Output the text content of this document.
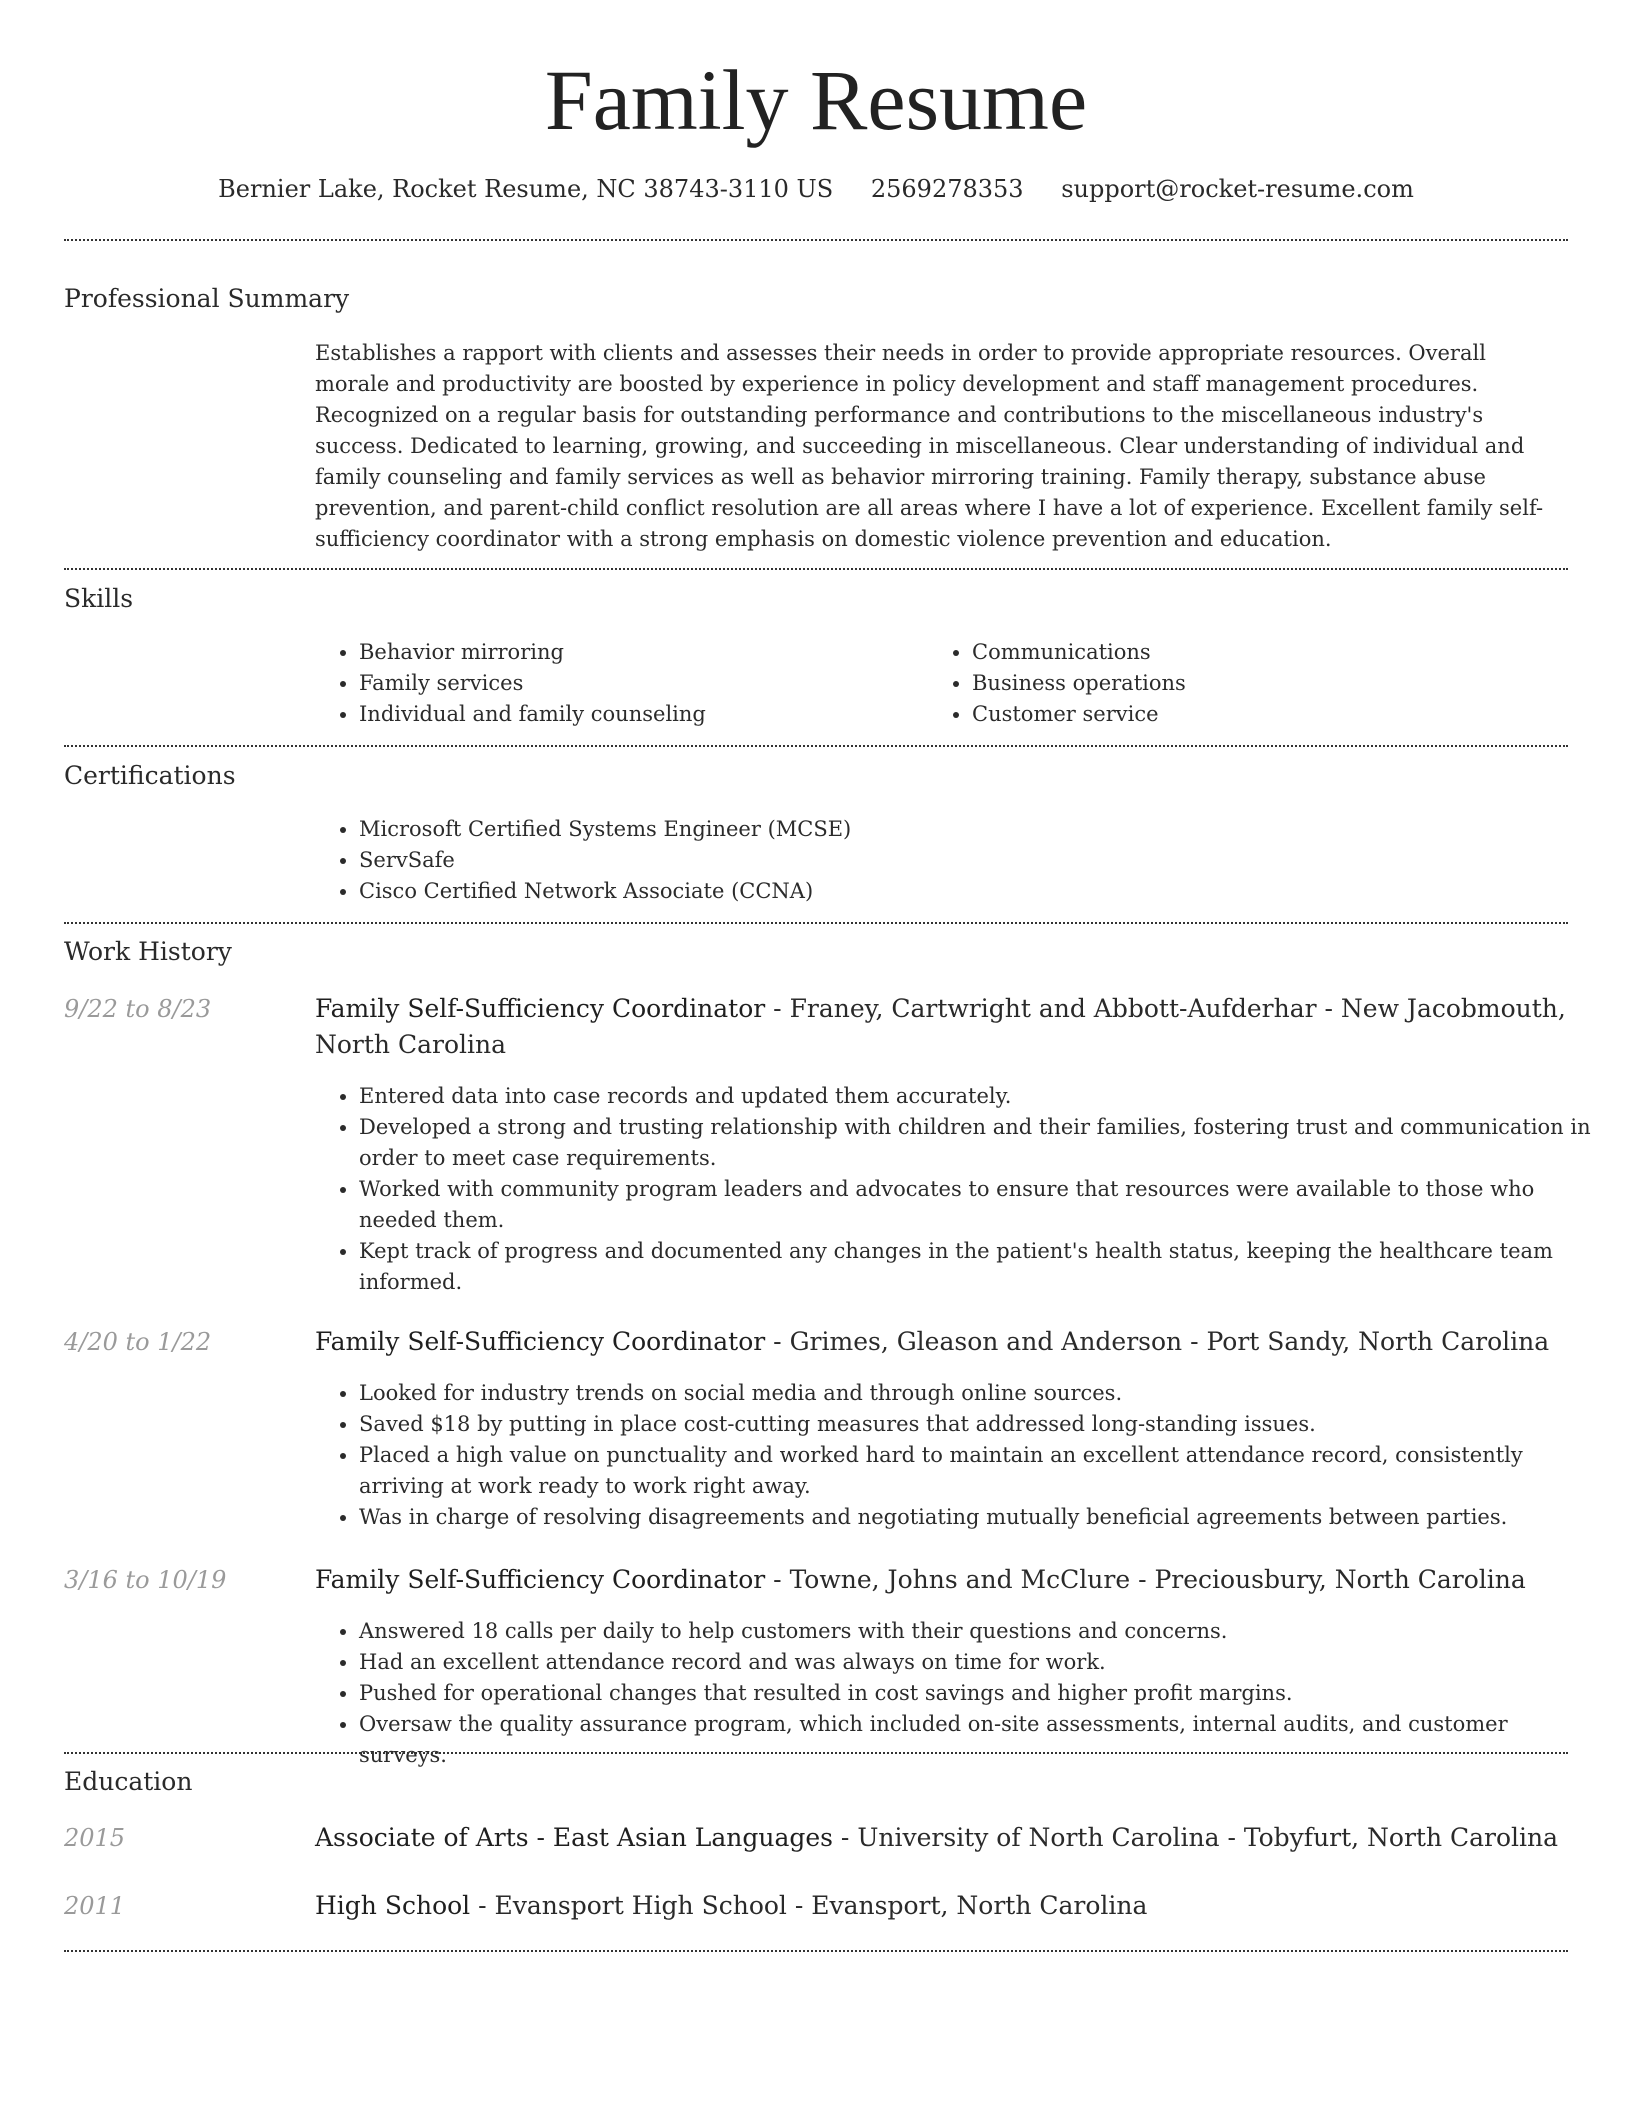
Family Resume
Bernier Lake, Rocket Resume, NC 38743-3110 US 2569278353 support@rocket-resume.com
Professional Summary
Establishes a rapport with clients and assesses their needs in order to provide appropriate resources. Overall morale and productivity are boosted by experience in policy development and staff management procedures. Recognized on a regular basis for outstanding performance and contributions to the miscellaneous industry's success. Dedicated to learning, growing, and succeeding in miscellaneous. Clear understanding of individual and family counseling and family services as well as behavior mirroring training. Family therapy, substance abuse prevention, and parent-child conflict resolution are all areas where I have a lot of experience. Excellent family self-sufficiency coordinator with a strong emphasis on domestic violence prevention and education.
Skills
• Behavior mirroring
• Family services
• Individual and family counseling
• Communications
• Business operations
• Customer service
Certifications
• Microsoft Certified Systems Engineer (MCSE)
• ServSafe
• Cisco Certified Network Associate (CCNA)
Work History
9/22 to 8/23	Family Self-Sufficiency Coordinator - Franey, Cartwright and Abbott-Aufderhar - New Jacobmouth, North Carolina
• Entered data into case records and updated them accurately.
• Developed a strong and trusting relationship with children and their families, fostering trust and communication in order to meet case requirements.
• Worked with community program leaders and advocates to ensure that resources were available to those who needed them.
• Kept track of progress and documented any changes in the patient's health status, keeping the healthcare team informed.
4/20 to 1/22	Family Self-Sufficiency Coordinator - Grimes, Gleason and Anderson - Port Sandy, North Carolina
• Looked for industry trends on social media and through online sources.
• Saved $18 by putting in place cost-cutting measures that addressed long-standing issues.
• Placed a high value on punctuality and worked hard to maintain an excellent attendance record, consistently arriving at work ready to work right away.
• Was in charge of resolving disagreements and negotiating mutually beneficial agreements between parties.
3/16 to 10/19	Family Self-Sufficiency Coordinator - Towne, Johns and McClure - Preciousbury, North Carolina
• Answered 18 calls per daily to help customers with their questions and concerns.
• Had an excellent attendance record and was always on time for work.
• Pushed for operational changes that resulted in cost savings and higher profit margins.
• Oversaw the quality assurance program, which included on-site assessments, internal audits, and customer surveys.
Education
2015	Associate of Arts - East Asian Languages - University of North Carolina - Tobyfurt, North Carolina
2011	High School - Evansport High School - Evansport, North Carolina
